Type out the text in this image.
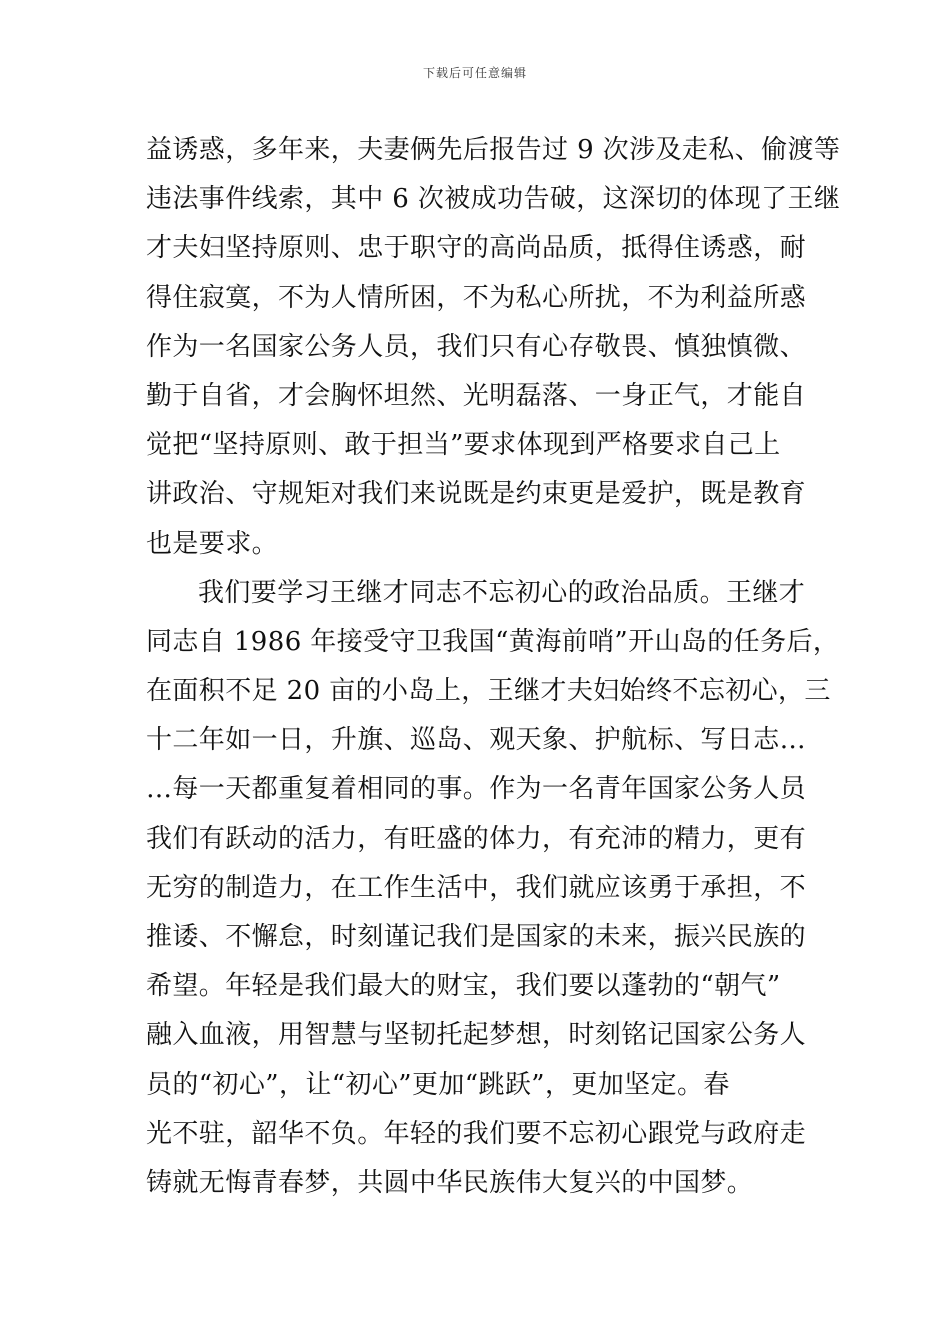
下载后可任意编辑
益诱惑，多年来，夫妻俩先后报告过 9 次涉及走私、偷渡等
违法事件线索，其中 6 次被成功告破，这深切的体现了王继
才夫妇坚持原则、忠于职守的高尚品质，抵得住诱惑，耐
得住寂寞，不为人情所困，不为私心所扰，不为利益所惑
作为一名国家公务人员，我们只有心存敬畏、慎独慎微、
勤于自省，才会胸怀坦然、光明磊落、一身正气，才能自
觉把“坚持原则、敢于担当”要求体现到严格要求自己上
讲政治、守规矩对我们来说既是约束更是爱护，既是教育
也是要求。
我们要学习王继才同志不忘初心的政治品质。王继才
同志自 1986 年接受守卫我国“黄海前哨”开山岛的任务后，
在面积不足 20 亩的小岛上，王继才夫妇始终不忘初心，三
十二年如一日，升旗、巡岛、观天象、护航标、写日志…
…每一天都重复着相同的事。作为一名青年国家公务人员
我们有跃动的活力，有旺盛的体力，有充沛的精力，更有
无穷的制造力，在工作生活中，我们就应该勇于承担，不
推诿、不懈怠，时刻谨记我们是国家的未来，振兴民族的
希望。年轻是我们最大的财宝，我们要以蓬勃的“朝气”
融入血液，用智慧与坚韧托起梦想，时刻铭记国家公务人
员的“初心”，让“初心”更加“跳跃”，更加坚定。春
光不驻，韶华不负。年轻的我们要不忘初心跟党与政府走
铸就无悔青春梦，共圆中华民族伟大复兴的中国梦。
